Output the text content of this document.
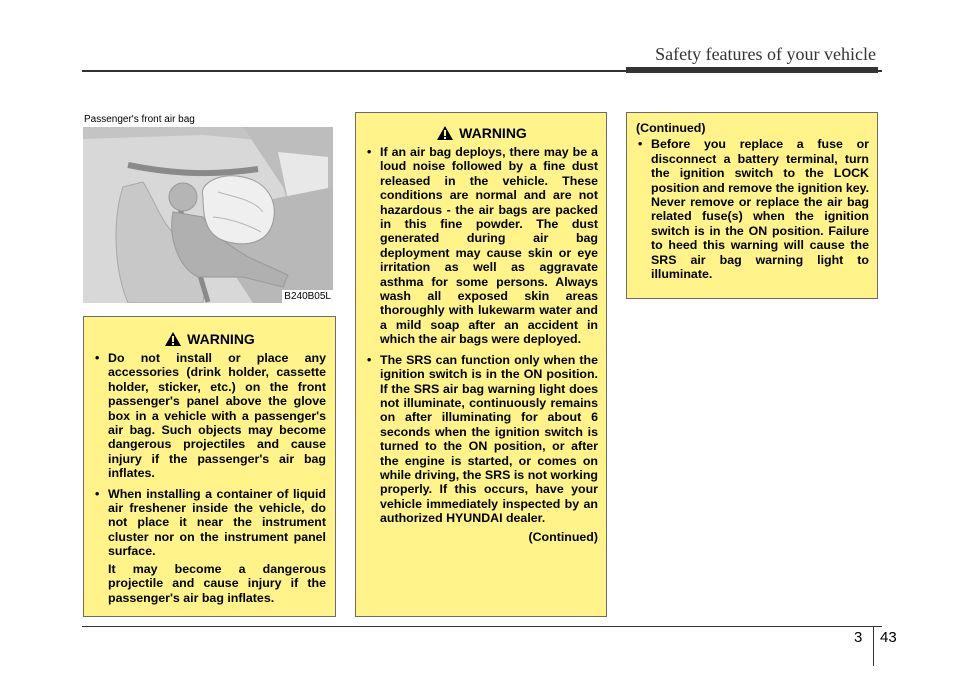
Safety features of your vehicle
Passenger's front air bag
B240B05L
WARNING
• Do not install or place any accessories (drink holder, cassette holder, sticker, etc.) on the front passenger's panel above the glove box in a vehicle with a passenger's air bag. Such objects may become dangerous projectiles and cause injury if the passenger's air bag inflates.
• When installing a container of liquid air freshener inside the vehicle, do not place it near the instrument cluster nor on the instrument panel surface.
It may become a dangerous projectile and cause injury if the passenger's air bag inflates.
WARNING
• If an air bag deploys, there may be a loud noise followed by a fine dust released in the vehicle. These conditions are normal and are not hazardous - the air bags are packed in this fine powder. The dust generated during air bag deployment may cause skin or eye irritation as well as aggravate asthma for some persons. Always wash all exposed skin areas thoroughly with lukewarm water and a mild soap after an accident in which the air bags were deployed.
• The SRS can function only when the ignition switch is in the ON position. If the SRS air bag warning light does not illuminate, continuously remains on after illuminating for about 6 seconds when the ignition switch is turned to the ON position, or after the engine is started, or comes on while driving, the SRS is not working properly. If this occurs, have your vehicle immediately inspected by an authorized HYUNDAI dealer.
(Continued)
(Continued)
• Before you replace a fuse or disconnect a battery terminal, turn the ignition switch to the LOCK position and remove the ignition key. Never remove or replace the air bag related fuse(s) when the ignition switch is in the ON position. Failure to heed this warning will cause the SRS air bag warning light to illuminate.
3 43
